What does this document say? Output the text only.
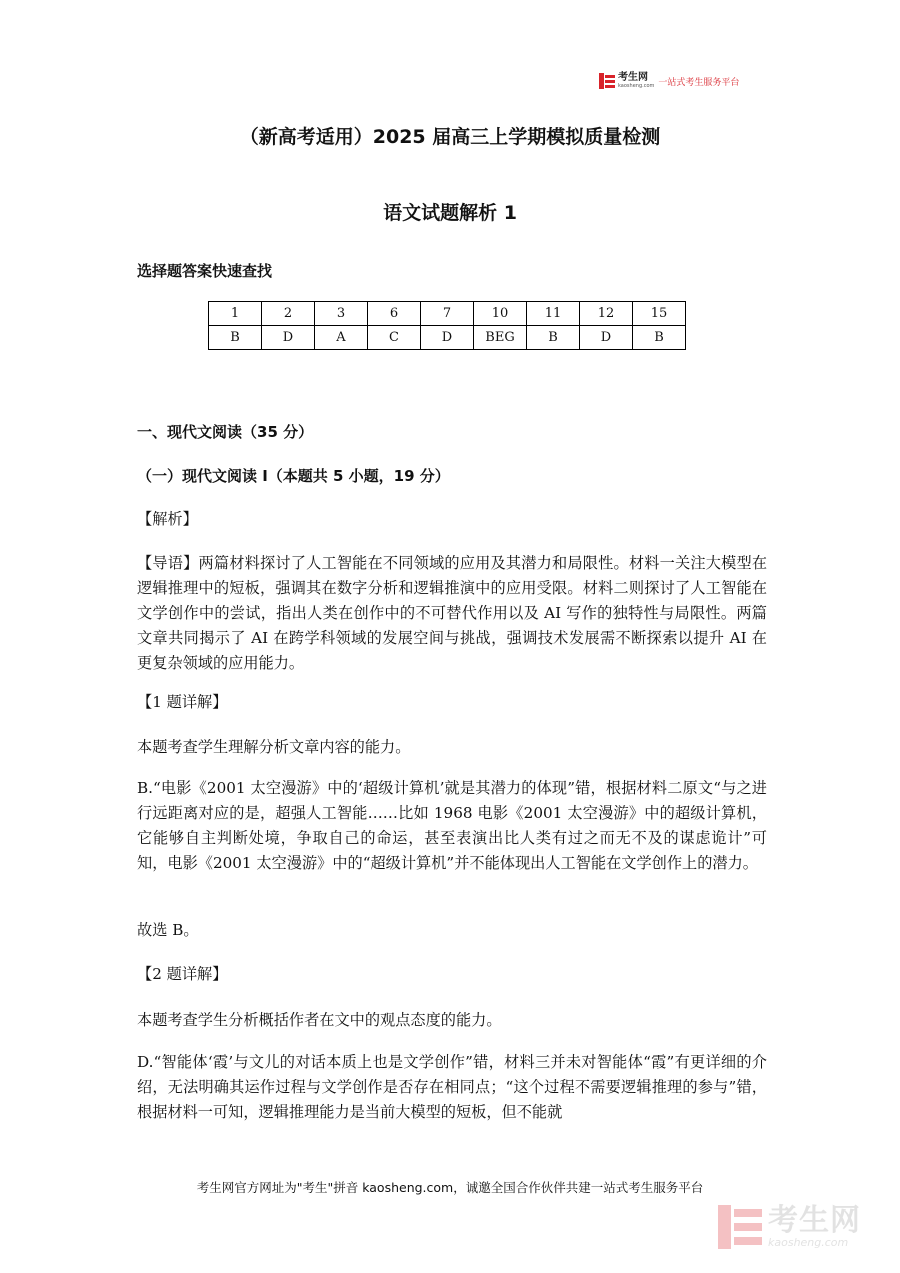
考生网
kaosheng.com 一站式考生服务平台
（新高考适用）2025 届高三上学期模拟质量检测
语文试题解析 1
选择题答案快速查找
1	2	3	6	7	10	11	12	15
B	D	A	C	D	BEG	B	D	B
一、现代文阅读（35 分）
（一）现代文阅读 I（本题共 5 小题，19 分）
【解析】
【导语】两篇材料探讨了人工智能在不同领域的应用及其潜力和局限性。材料一关注大模型在逻辑推理中的短板，强调其在数字分析和逻辑推演中的应用受限。材料二则探讨了人工智能在文学创作中的尝试，指出人类在创作中的不可替代作用以及 AI 写作的独特性与局限性。两篇文章共同揭示了 AI 在跨学科领域的发展空间与挑战，强调技术发展需不断探索以提升 AI 在更复杂领域的应用能力。
【1 题详解】
本题考查学生理解分析文章内容的能力。
B.“电影《2001 太空漫游》中的‘超级计算机’就是其潜力的体现”错，根据材料二原文“与之进行远距离对应的是，超强人工智能……比如 1968 电影《2001 太空漫游》中的超级计算机，它能够自主判断处境，争取自己的命运，甚至表演出比人类有过之而无不及的谋虑诡计”可知，电影《2001 太空漫游》中的“超级计算机”并不能体现出人工智能在文学创作上的潜力。
故选 B。
【2 题详解】
本题考查学生分析概括作者在文中的观点态度的能力。
D.“智能体‘霞’与文儿的对话本质上也是文学创作”错，材料三并未对智能体“霞”有更详细的介绍，无法明确其运作过程与文学创作是否存在相同点；“这个过程不需要逻辑推理的参与”错，根据材料一可知，逻辑推理能力是当前大模型的短板，但不能就
考生网官方网址为"考生"拼音 kaosheng.com，诚邀全国合作伙伴共建一站式考生服务平台
考生网
kaosheng.com
